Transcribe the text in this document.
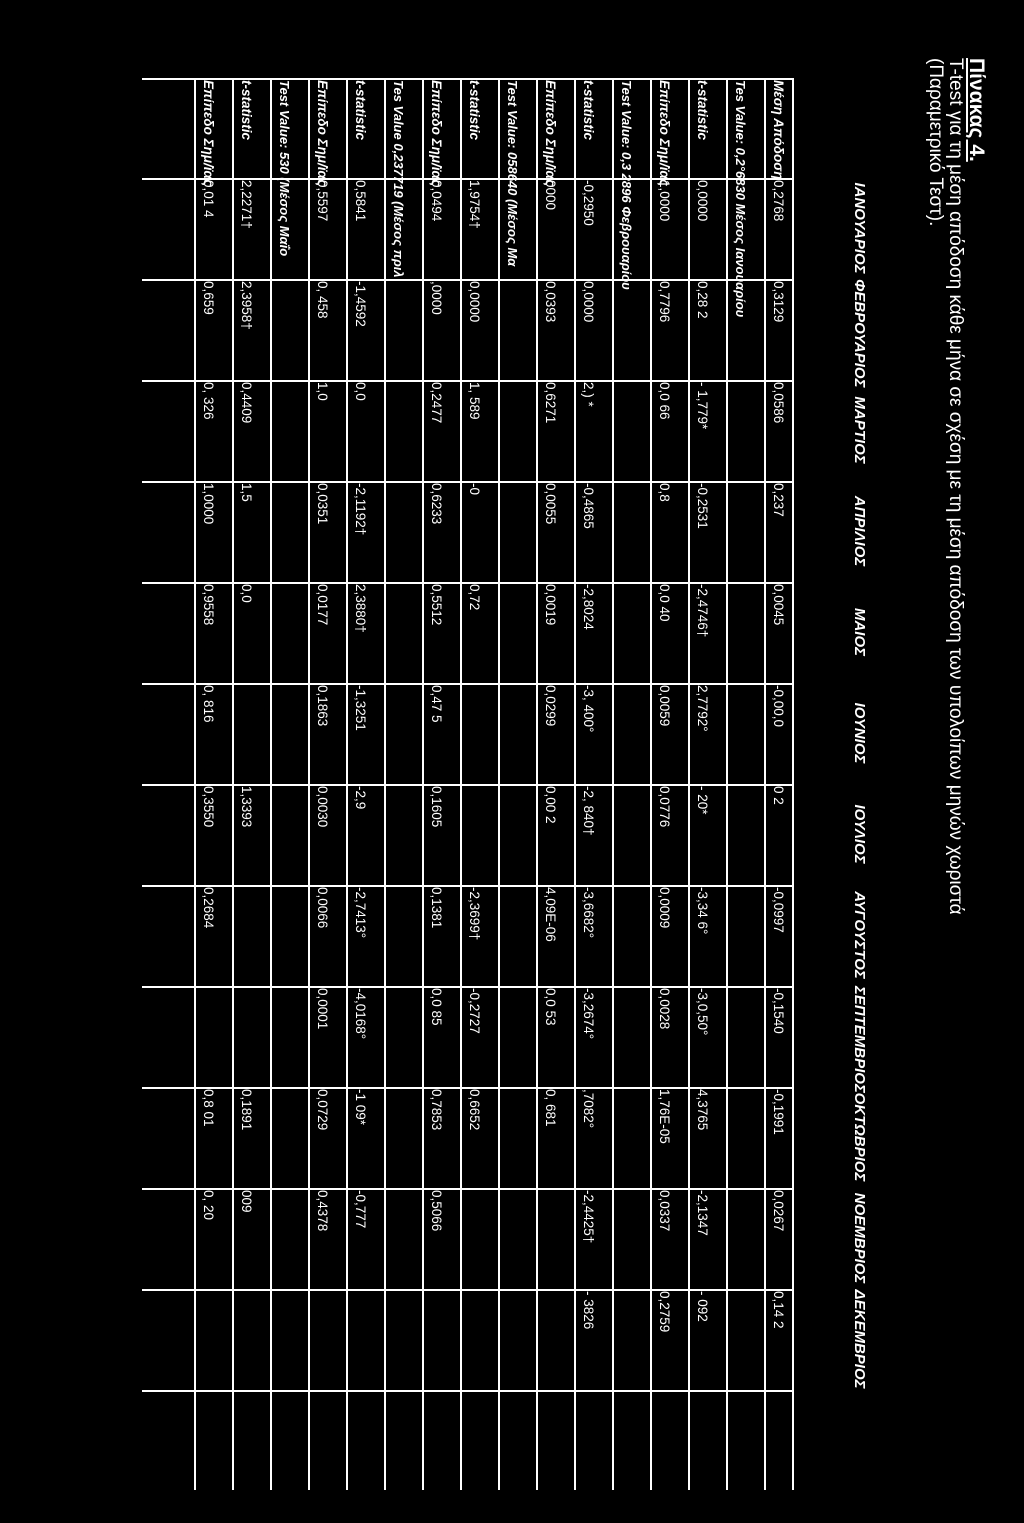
Πίνακας 4.
T-test για τη μέση απόδοση κάθε μήνα σε σχέση με τη μέση απόδοση των υπολοίπων μηνών χωριστά
(Παραμετρικό Τεστ).
ΙΑΝΟΥΑΡΙΟΣ
ΦΕΒΡΟΥΑΡΙΟΣ
ΜΑΡΤΙΟΣ
ΑΠΡΙΛΙΟΣ
ΜΑΙΟΣ
ΙΟΥΝΙΟΣ
ΙΟΥΛΙΟΣ
ΑΥΓΟΥΣΤΟΣ
ΣΕΠΤΕΜΒΡΙΟΣ
ΟΚΤΩΒΡΙΟΣ
ΝΟΕΜΒΡΙΟΣ
ΔΕΚΕΜΒΡΙΟΣ
Μέση Απόδοση
0,2768
0,3129
0,0586
0,237
0,0045
-0,00,0
0 2
-0,0997
-0,1540
-0,1991
0,0267
0,14 2
Tes Value: 0,2°6830 Μέσος Ιανουαρίου
t-statistic
0,0000
0,28 2
- 1,779*
-0,2531
-2,4746†
2,7792°
- 20*
-3,34 6°
-3,0,50°
4,3765
-2,1347
- 092
Επίπεδο Σημ/ϊας
1,0000
0,7796
0,0 66
0,8
0,0 40
0,0059
0,0776
0,0009
0,0028
1,76E-05
0,0337
0,2759
Test Value: 0,3 2896 Φεβρουαρίου
t-statistic
-0,2950
0,0000
2,) *
-0,4865
-2,8024
-3, 400°
-2, 840†
-3,6682°
-3,2674°
,7082°
-2,4425†
- 3826
Επίπεδο Σημ/ϊας
0000
0,0393
0,6271
0,0055
0,0019
0,0299
0,00 2
4,09E-06
0,0 53
0, 681
Test Value: 058640 (Μέσος Μα
t-statistic
1,9754†
0,0000
1, 589
-0
0,72
-2,3699†
-0,2727
0,6652
Επίπεδο Σημ/ϊας
0,0494
,0000
0,2477
0,6233
0,5512
0,47 5
0,1605
0,1381
0,0 85
0,7853
0,5066
Tes Value 0,237719 (Μέσος πριλ
t-statistic
0,5841
-1,4592
0,0
-2,1192†
2,3880†
-1,3251
-2,9
-2,7413°
-4,0168°
-1 09*
-0,777
Επίπεδο Σημ/ϊας
0,5597
0, 458
1,0
0,0351
0,0177
0,1863
0,0030
0,0066
0,0001
0,0729
0,4378
Test Value: 530 (Μέσος Μαΐο
t-statistic
2,2271†
2,3958†
0,4409
1,5
0,0
1,3393
0,1891
009
Επίπεδο Σημ/ϊας
0,01 4
0,659
0, 326
1,0000
0,9558
0, 816
0,3550
0,2684
0,8 01
0, 20
